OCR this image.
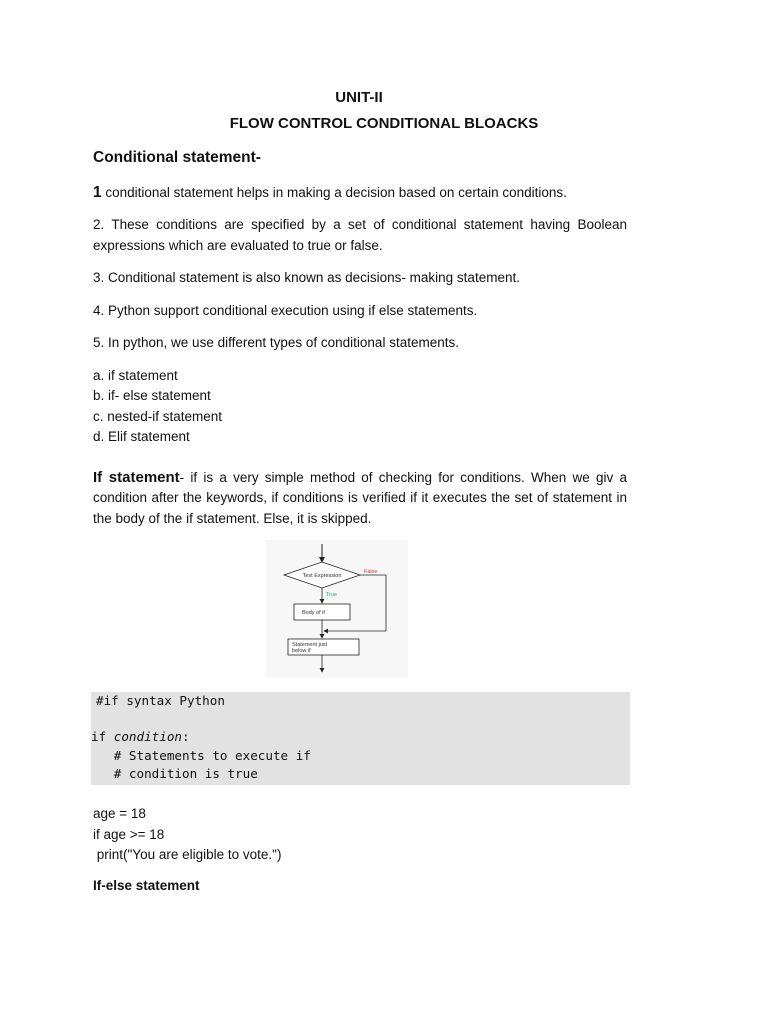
UNIT-II
FLOW CONTROL CONDITIONAL BLOACKS
Conditional statement-

1 conditional statement helps in making a decision based on certain conditions.

2. These conditions are specified by a set of conditional statement having Boolean expressions which are evaluated to true or false.

3. Conditional statement is also known as decisions- making statement.

4. Python support conditional execution using if else statements.

5. In python, we use different types of conditional statements.

a. if statement
b. if- else statement
c. nested-if statement
d. Elif statement

If statement- if is a very simple method of checking for conditions. When we giv a condition after the keywords, if conditions is verified if it executes the set of statement in the body of the if statement. Else, it is skipped.

Test Expression
False
True
Body of if
Statement just
below if
#if syntax Python
if condition:
# Statements to execute if
# condition is true
age = 18
if age >= 18
print("You are eligible to vote.")
If-else statement
